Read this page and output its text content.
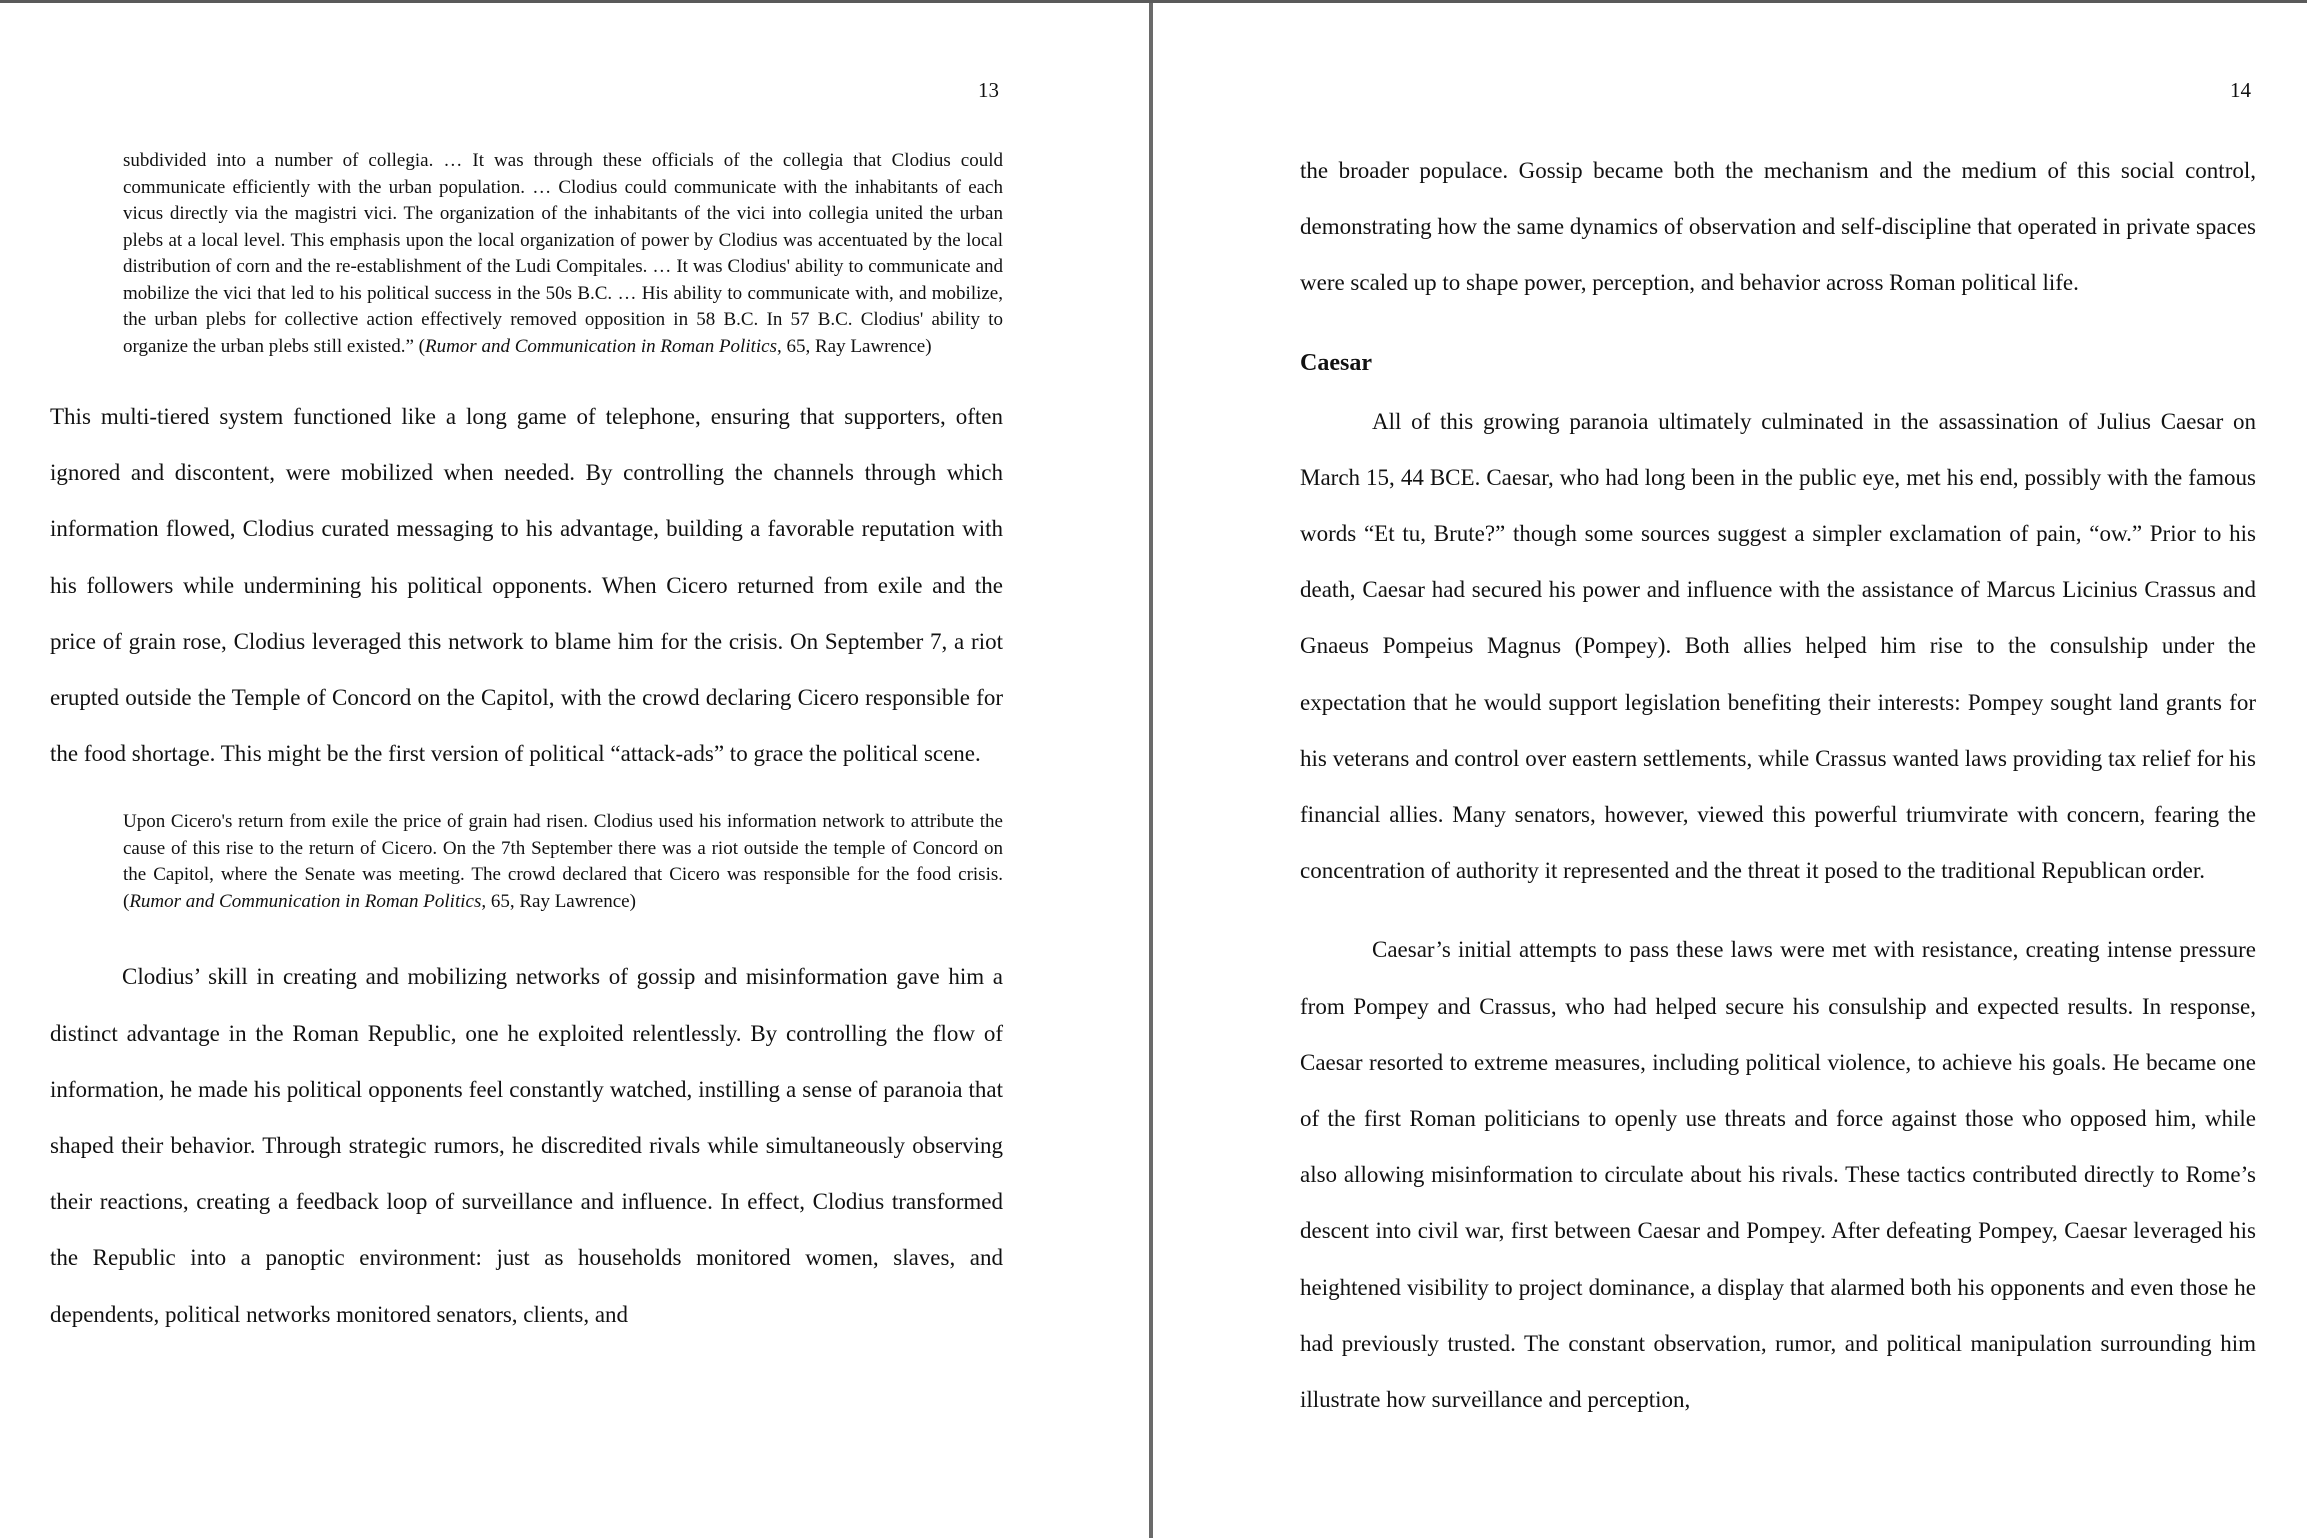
13

subdivided into a number of collegia. … It was through these officials of the collegia that Clodius could communicate efficiently with the urban population. … Clodius could communicate with the inhabitants of each vicus directly via the magistri vici. The organization of the inhabitants of the vici into collegia united the urban plebs at a local level. This emphasis upon the local organization of power by Clodius was accentuated by the local distribution of corn and the re-establishment of the Ludi Compitales. … It was Clodius' ability to communicate and mobilize the vici that led to his political success in the 50s B.C. … His ability to communicate with, and mobilize, the urban plebs for collective action effectively removed opposition in 58 B.C. In 57 B.C. Clodius' ability to organize the urban plebs still existed.” (Rumor and Communication in Roman Politics, 65, Ray Lawrence)

This multi-tiered system functioned like a long game of telephone, ensuring that supporters, often ignored and discontent, were mobilized when needed. By controlling the channels through which information flowed, Clodius curated messaging to his advantage, building a favorable reputation with his followers while undermining his political opponents. When Cicero returned from exile and the price of grain rose, Clodius leveraged this network to blame him for the crisis. On September 7, a riot erupted outside the Temple of Concord on the Capitol, with the crowd declaring Cicero responsible for the food shortage. This might be the first version of political “attack-ads” to grace the political scene.

Upon Cicero's return from exile the price of grain had risen. Clodius used his information network to attribute the cause of this rise to the return of Cicero. On the 7th September there was a riot outside the temple of Concord on the Capitol, where the Senate was meeting. The crowd declared that Cicero was responsible for the food crisis. (Rumor and Communication in Roman Politics, 65, Ray Lawrence)

Clodius’ skill in creating and mobilizing networks of gossip and misinformation gave him a distinct advantage in the Roman Republic, one he exploited relentlessly. By controlling the flow of information, he made his political opponents feel constantly watched, instilling a sense of paranoia that shaped their behavior. Through strategic rumors, he discredited rivals while simultaneously observing their reactions, creating a feedback loop of surveillance and influence. In effect, Clodius transformed the Republic into a panoptic environment: just as households monitored women, slaves, and dependents, political networks monitored senators, clients, and

14

the broader populace. Gossip became both the mechanism and the medium of this social control, demonstrating how the same dynamics of observation and self-discipline that operated in private spaces were scaled up to shape power, perception, and behavior across Roman political life.

Caesar

All of this growing paranoia ultimately culminated in the assassination of Julius Caesar on March 15, 44 BCE. Caesar, who had long been in the public eye, met his end, possibly with the famous words “Et tu, Brute?” though some sources suggest a simpler exclamation of pain, “ow.” Prior to his death, Caesar had secured his power and influence with the assistance of Marcus Licinius Crassus and Gnaeus Pompeius Magnus (Pompey). Both allies helped him rise to the consulship under the expectation that he would support legislation benefiting their interests: Pompey sought land grants for his veterans and control over eastern settlements, while Crassus wanted laws providing tax relief for his financial allies. Many senators, however, viewed this powerful triumvirate with concern, fearing the concentration of authority it represented and the threat it posed to the traditional Republican order.

Caesar’s initial attempts to pass these laws were met with resistance, creating intense pressure from Pompey and Crassus, who had helped secure his consulship and expected results. In response, Caesar resorted to extreme measures, including political violence, to achieve his goals. He became one of the first Roman politicians to openly use threats and force against those who opposed him, while also allowing misinformation to circulate about his rivals. These tactics contributed directly to Rome’s descent into civil war, first between Caesar and Pompey. After defeating Pompey, Caesar leveraged his heightened visibility to project dominance, a display that alarmed both his opponents and even those he had previously trusted. The constant observation, rumor, and political manipulation surrounding him illustrate how surveillance and perception,
